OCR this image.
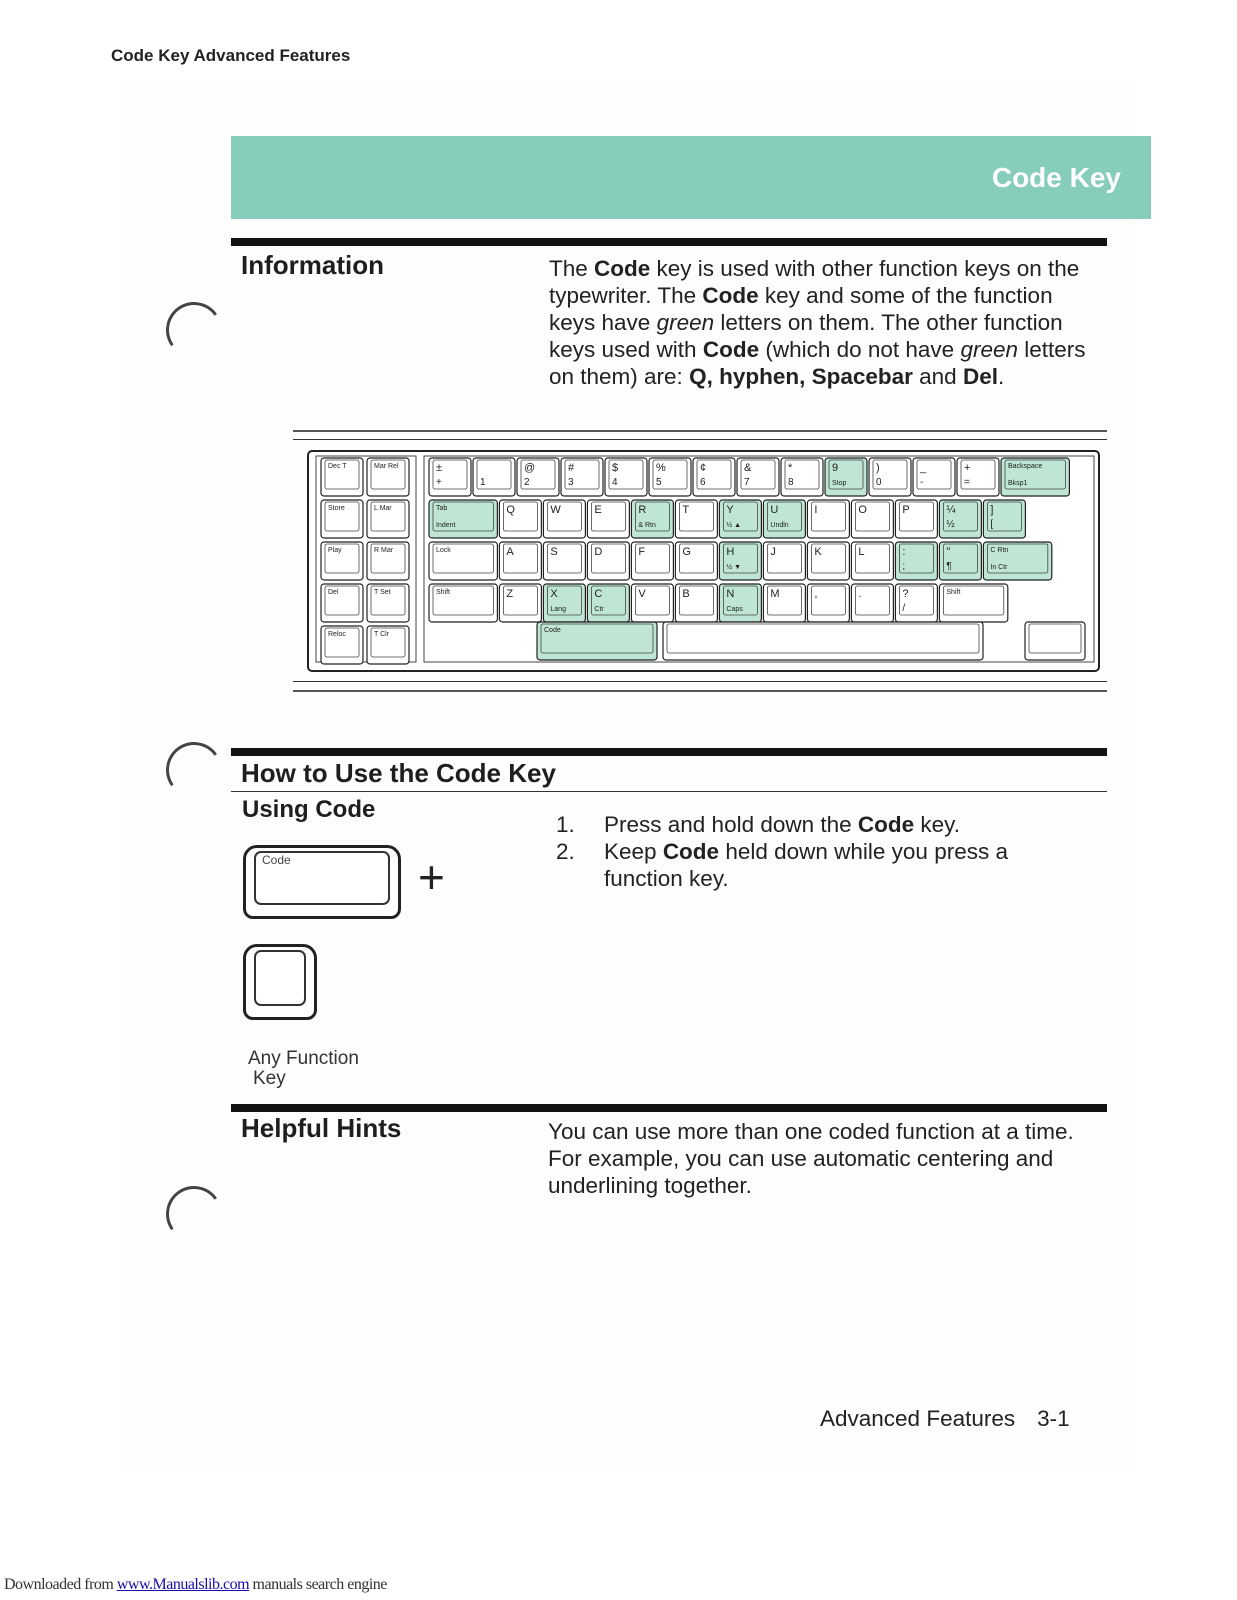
Code Key Advanced Features
Code Key
Information	The Code key is used with other function keys on the typewriter. The Code key and some of the function keys have green letters on them. The other function keys used with Code (which do not have green letters on them) are: Q, hyphen, Spacebar and Del.
Dec T	Mar Rel
Store	L Mar
Play	R Mar
Del	T Set
Reloc	T Clr
±
+	1
@
2
#
3
$
4
%
5
¢
6
&
7
*
8
9
Stop
)
0
_
-
+
=
Backspace
Bksp1
Tab
Indent
Q	W	E	R
& Rtn
T	Y
½ ▲
U
Undln
I	O	P	¼
½
]
[
Lock	A	S	D	F	G	H
½ ▼
J	K	L	:
;
"
¶
C Rtn
In Ctr
Shift	Z	X
Lang
C
Ctr
V	B	N
Caps
M	,	.	?
/
Shift
Code
How to Use the Code Key
Using Code
1. Press and hold down the Code key.
2. Keep Code held down while you press a function key.
Code	+
Any Function
Key
Helpful Hints	You can use more than one coded function at a time. For example, you can use automatic centering and underlining together.
Advanced Features 3-1
Downloaded from www.Manualslib.com manuals search engine
